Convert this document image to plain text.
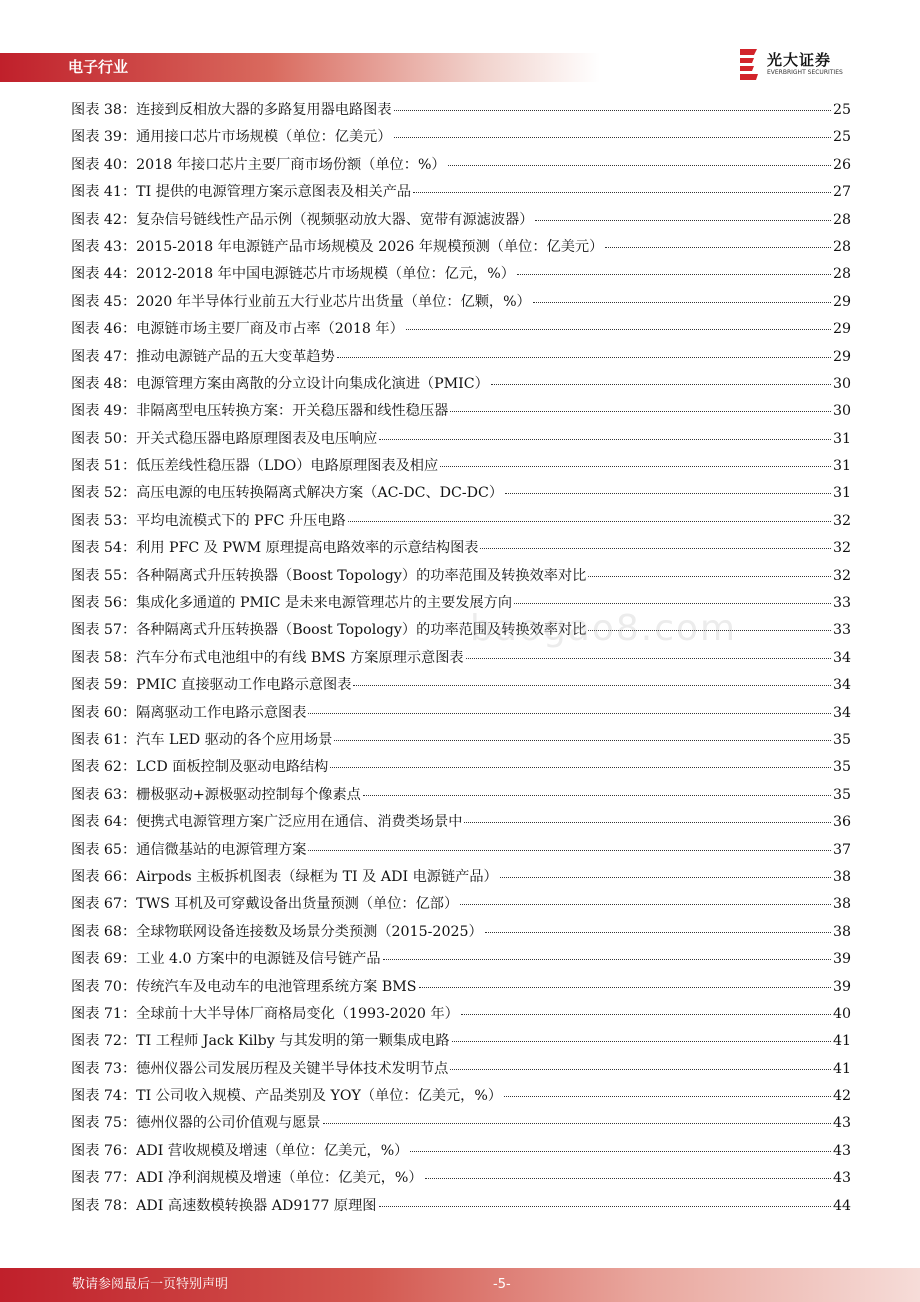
电子行业	光大证券
EVERBRIGHT SECURITIES
图表 38： 连接到反相放大器的多路复用器电路图表	25
图表 39： 通用接口芯片市场规模（单位：亿美元）	25
图表 40： 2018 年接口芯片主要厂商市场份额（单位：%）	26
图表 41： TI 提供的电源管理方案示意图表及相关产品	27
图表 42： 复杂信号链线性产品示例（视频驱动放大器、宽带有源滤波器）	28
图表 43： 2015-2018 年电源链产品市场规模及 2026 年规模预测（单位：亿美元）	28
图表 44： 2012-2018 年中国电源链芯片市场规模（单位：亿元，%）	28
图表 45： 2020 年半导体行业前五大行业芯片出货量（单位：亿颗，%）	29
图表 46： 电源链市场主要厂商及市占率（2018 年）	29
图表 47： 推动电源链产品的五大变革趋势	29
图表 48： 电源管理方案由离散的分立设计向集成化演进（PMIC）	30
图表 49： 非隔离型电压转换方案：开关稳压器和线性稳压器	30
图表 50： 开关式稳压器电路原理图表及电压响应	31
图表 51： 低压差线性稳压器（LDO）电路原理图表及相应	31
图表 52： 高压电源的电压转换隔离式解决方案（AC-DC、DC-DC）	31
图表 53： 平均电流模式下的 PFC 升压电路	32
图表 54： 利用 PFC 及 PWM 原理提高电路效率的示意结构图表	32
图表 55： 各种隔离式升压转换器（Boost Topology）的功率范围及转换效率对比	32
图表 56： 集成化多通道的 PMIC 是未来电源管理芯片的主要发展方向	33
图表 57： 各种隔离式升压转换器（Boost Topology）的功率范围及转换效率对比	33
图表 58： 汽车分布式电池组中的有线 BMS 方案原理示意图表	34
图表 59： PMIC 直接驱动工作电路示意图表	34
图表 60： 隔离驱动工作电路示意图表	34
图表 61： 汽车 LED 驱动的各个应用场景	35
图表 62： LCD 面板控制及驱动电路结构	35
图表 63： 栅极驱动+源极驱动控制每个像素点	35
图表 64： 便携式电源管理方案广泛应用在通信、消费类场景中	36
图表 65： 通信微基站的电源管理方案	37
图表 66： Airpods 主板拆机图表（绿框为 TI 及 ADI 电源链产品）	38
图表 67： TWS 耳机及可穿戴设备出货量预测（单位：亿部）	38
图表 68： 全球物联网设备连接数及场景分类预测（2015-2025）	38
图表 69： 工业 4.0 方案中的电源链及信号链产品	39
图表 70： 传统汽车及电动车的电池管理系统方案 BMS	39
图表 71： 全球前十大半导体厂商格局变化（1993-2020 年）	40
图表 72： TI 工程师 Jack Kilby 与其发明的第一颗集成电路	41
图表 73： 德州仪器公司发展历程及关键半导体技术发明节点	41
图表 74： TI 公司收入规模、产品类别及 YOY（单位：亿美元，%）	42
图表 75： 德州仪器的公司价值观与愿景	43
图表 76： ADI 营收规模及增速（单位：亿美元，%）	43
图表 77： ADI 净利润规模及增速（单位：亿美元，%）	43
图表 78： ADI 高速数模转换器 AD9177 原理图	44
baogao8.com
敬请参阅最后一页特别声明	-5-
